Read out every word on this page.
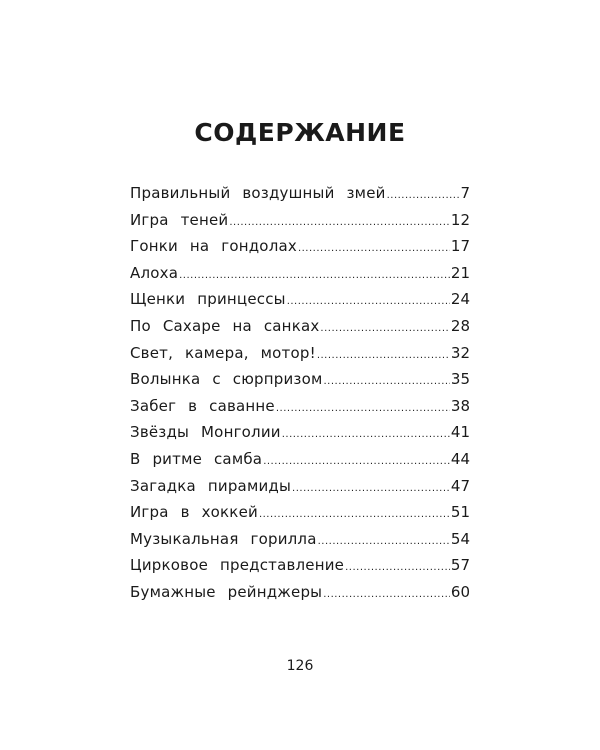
СОДЕРЖАНИЕ
Правильный воздушный змей .....	7
Игра теней .....	12
Гонки на гондолах .....	17
Алоха .....	21
Щенки принцессы .....	24
По Сахаре на санках .....	28
Свет, камера, мотор! .....	32
Волынка с сюрпризом .....	35
Забег в саванне .....	38
Звёзды Монголии .....	41
В ритме самба .....	44
Загадка пирамиды .....	47
Игра в хоккей .....	51
Музыкальная горилла .....	54
Цирковое представление .....	57
Бумажные рейнджеры .....	60
126
